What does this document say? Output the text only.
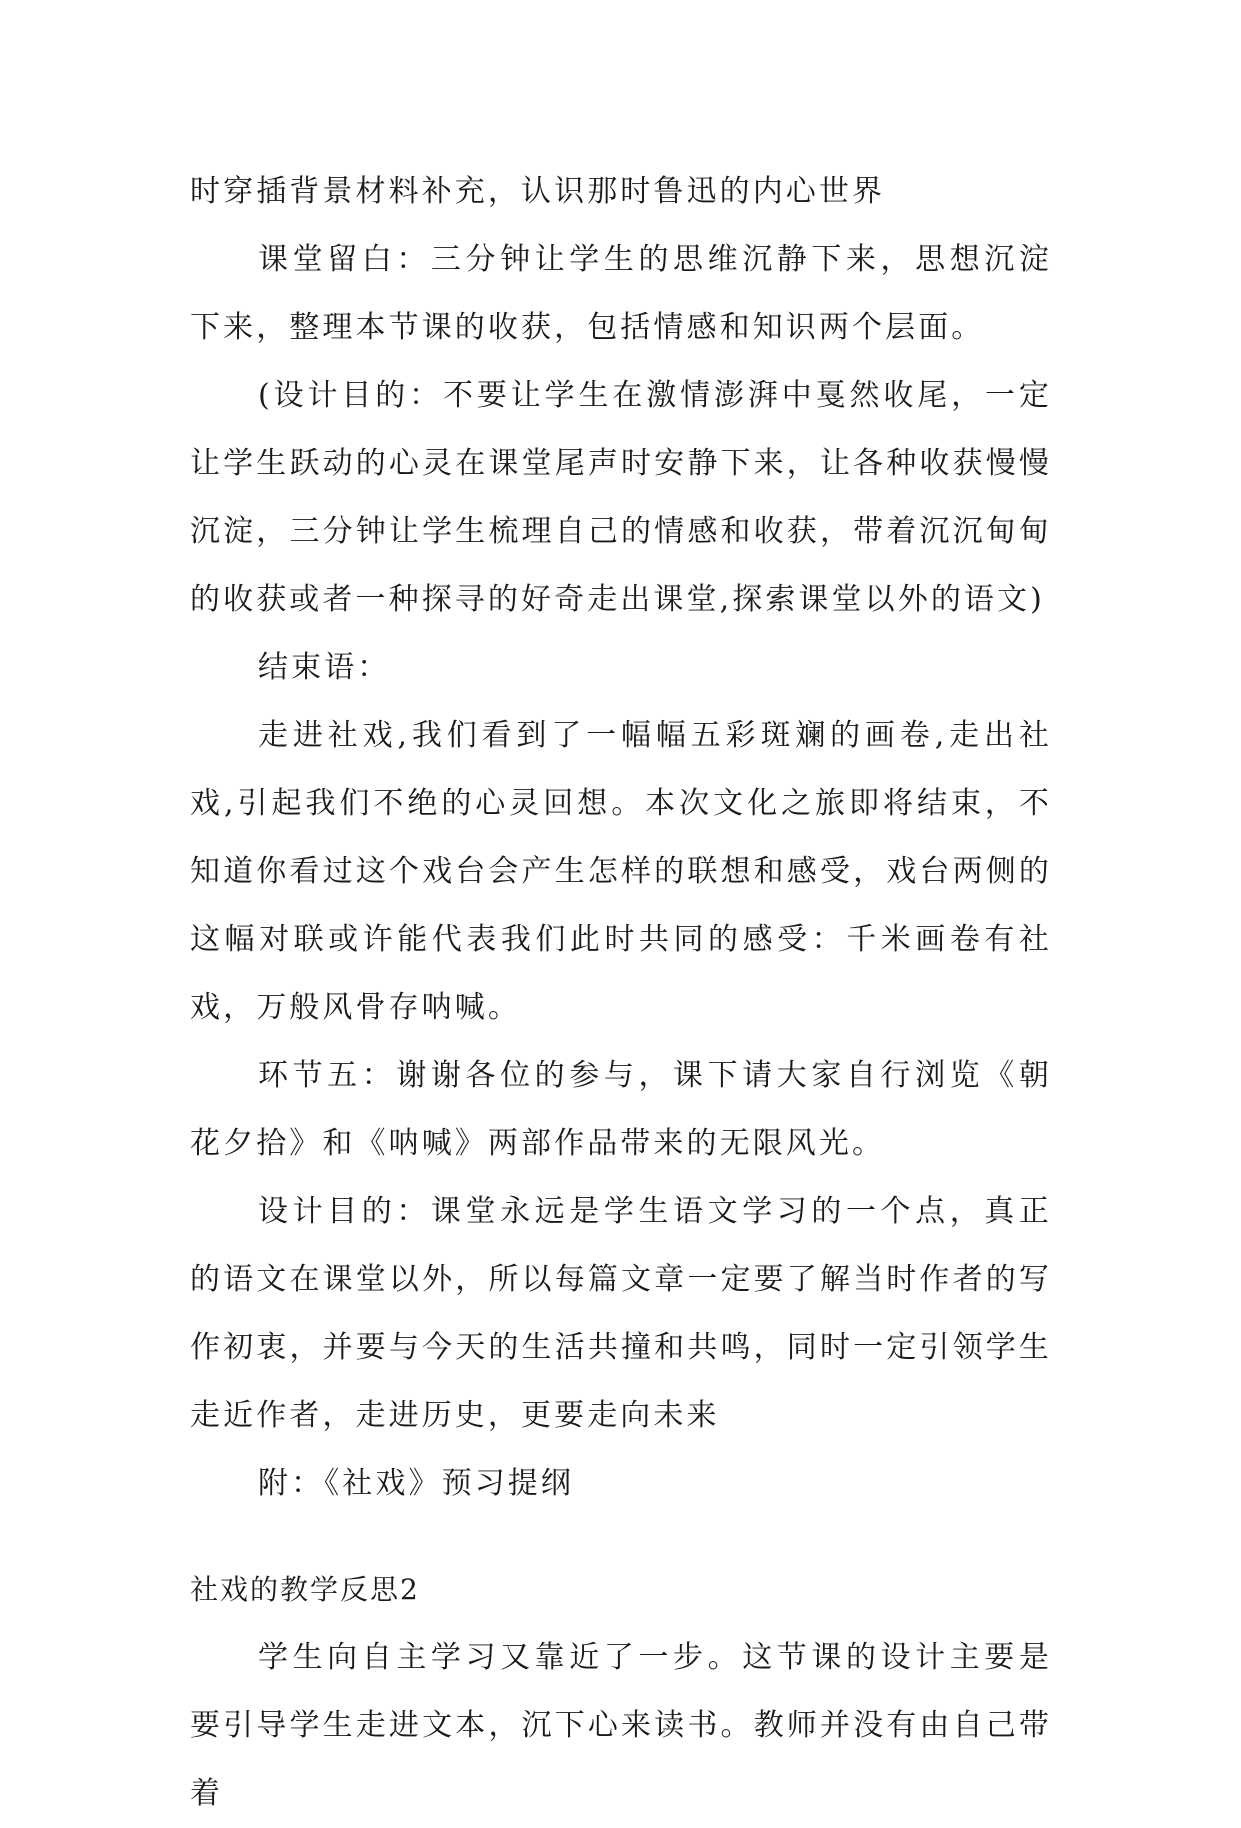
时穿插背景材料补充，认识那时鲁迅的内心世界

课堂留白：三分钟让学生的思维沉静下来，思想沉淀下来，整理本节课的收获，包括情感和知识两个层面。

(设计目的：不要让学生在激情澎湃中戛然收尾，一定让学生跃动的心灵在课堂尾声时安静下来，让各种收获慢慢沉淀，三分钟让学生梳理自己的情感和收获，带着沉沉甸甸的收获或者一种探寻的好奇走出课堂,探索课堂以外的语文)

结束语：

走进社戏,我们看到了一幅幅五彩斑斓的画卷,走出社戏,引起我们不绝的心灵回想。本次文化之旅即将结束，不知道你看过这个戏台会产生怎样的联想和感受，戏台两侧的这幅对联或许能代表我们此时共同的感受：千米画卷有社戏，万般风骨存呐喊。

环节五：谢谢各位的参与，课下请大家自行浏览《朝花夕拾》和《呐喊》两部作品带来的无限风光。

设计目的：课堂永远是学生语文学习的一个点，真正的语文在课堂以外，所以每篇文章一定要了解当时作者的写作初衷，并要与今天的生活共撞和共鸣，同时一定引领学生走近作者，走进历史，更要走向未来

附：《社戏》预习提纲

社戏的教学反思2

学生向自主学习又靠近了一步。这节课的设计主要是要引导学生走进文本，沉下心来读书。教师并没有由自己带着
